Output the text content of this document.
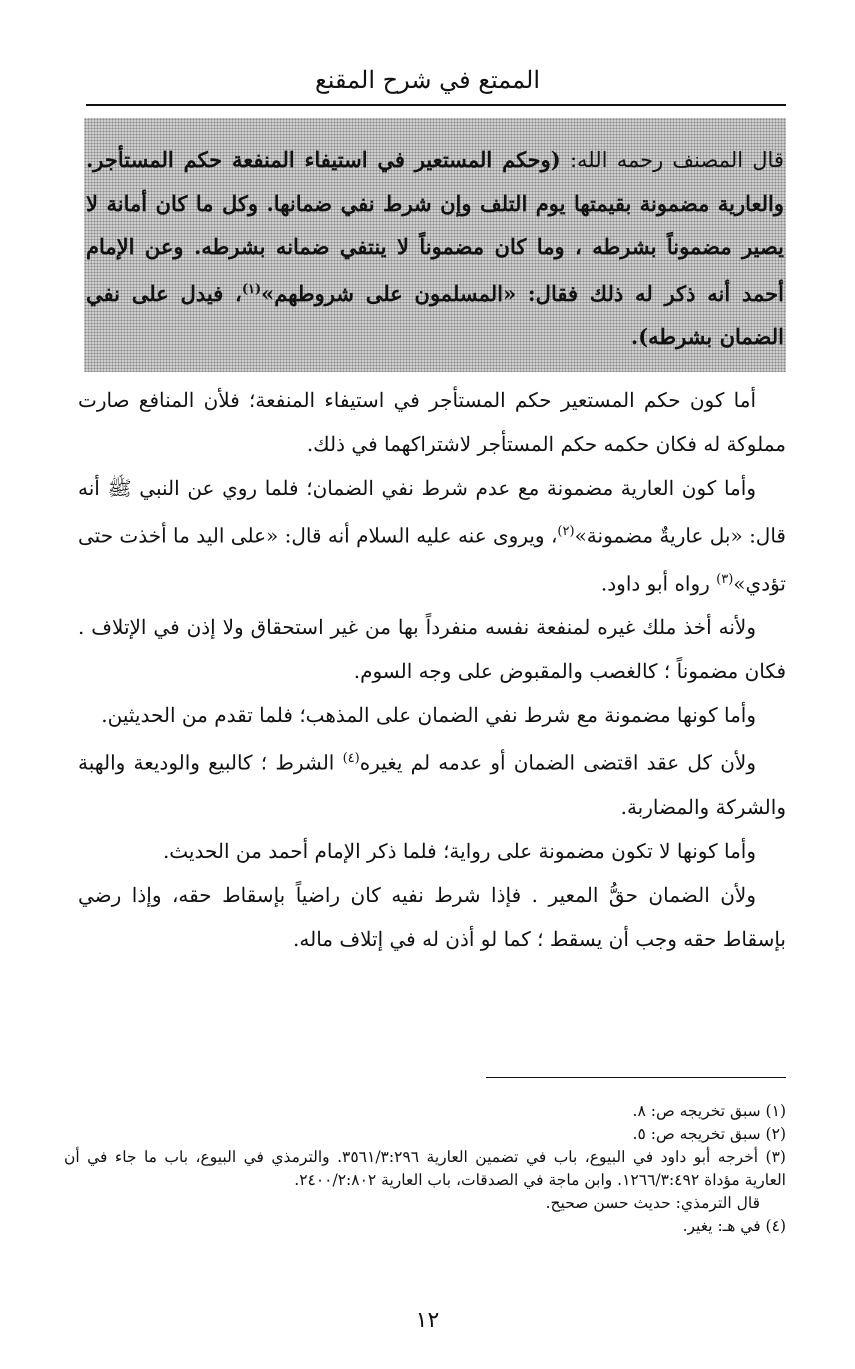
الممتع في شرح المقنع
قال المصنف رحمه الله: (وحكم المستعير في استيفاء المنفعة حكم المستأجر. والعارية مضمونة بقيمتها يوم التلف وإن شرط نفي ضمانها. وكل ما كان أمانة لا يصير مضموناً بشرطه ، وما كان مضموناً لا ينتفي ضمانه بشرطه. وعن الإمام أحمد أنه ذكر له ذلك فقال: «المسلمون على شروطهم»$^{(١)}$، فيدل على نفي الضمان بشرطه).

أما كون حكم المستعير حكم المستأجر في استيفاء المنفعة؛ فلأن المنافع صارت مملوكة له فكان حكمه حكم المستأجر لاشتراكهما في ذلك.

وأما كون العارية مضمونة مع عدم شرط نفي الضمان؛ فلما روي عن النبي ﷺ أنه قال: «بل عاريةٌ مضمونة»$^{(٢)}$، ويروى عنه عليه السلام أنه قال: «على اليد ما أخذت حتى تؤدي»$^{(٣)}$ رواه أبو داود.

ولأنه أخذ ملك غيره لمنفعة نفسه منفرداً بها من غير استحقاق ولا إذن في الإتلاف . فكان مضموناً ؛ كالغصب والمقبوض على وجه السوم.

وأما كونها مضمونة مع شرط نفي الضمان على المذهب؛ فلما تقدم من الحديثين.

ولأن كل عقد اقتضى الضمان أو عدمه لم يغيره$^{(٤)}$ الشرط ؛ كالبيع والوديعة والهبة والشركة والمضاربة.

وأما كونها لا تكون مضمونة على رواية؛ فلما ذكر الإمام أحمد من الحديث.

ولأن الضمان حقُّ المعير . فإذا شرط نفيه كان راضياً بإسقاط حقه، وإذا رضي بإسقاط حقه وجب أن يسقط ؛ كما لو أذن له في إتلاف ماله.

(١) سبق تخريجه ص: ٨.

(٢) سبق تخريجه ص: ٥.

(٣) أخرجه أبو داود في البيوع، باب في تضمين العارية ٣٥٦١/٣:٢٩٦. والترمذي في البيوع، باب ما جاء في أن العارية مؤداة ١٢٦٦/٣:٤٩٢. وابن ماجة في الصدقات، باب العارية ٢٤٠٠/٢:٨٠٢.

قال الترمذي: حديث حسن صحيح.

(٤) في هـ: يغير.

١٢
